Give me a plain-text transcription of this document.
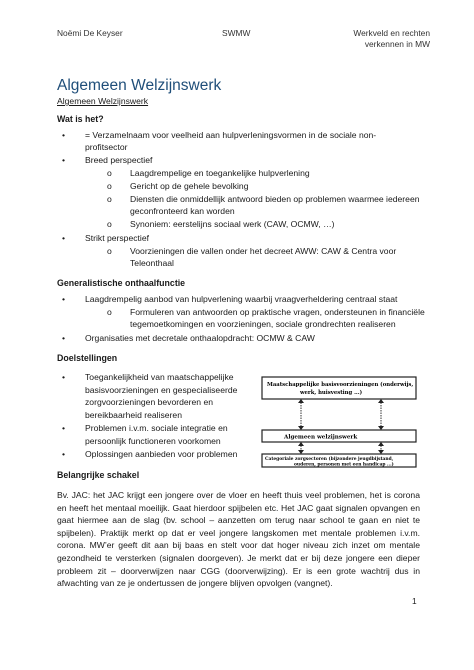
Noëmi De Keyser	SWMW	Werkveld en rechten
verkennen in MW
Algemeen Welzijnswerk
Algemeen Welzijnswerk
Wat is het?
• = Verzamelnaam voor veelheid aan hulpverleningsvormen in de sociale non-
profitsector
• Breed perspectief
o Laagdrempelige en toegankelijke hulpverlening
o Gericht op de gehele bevolking
o Diensten die onmiddellijk antwoord bieden op problemen waarmee iedereen
geconfronteerd kan worden
o Synoniem: eerstelijns sociaal werk (CAW, OCMW, …)
• Strikt perspectief
o Voorzieningen die vallen onder het decreet AWW: CAW & Centra voor
Teleonthaal
Generalistische onthaalfunctie
• Laagdrempelig aanbod van hulpverlening waarbij vraagverheldering centraal staat
o Formuleren van antwoorden op praktische vragen, ondersteunen in financiële
tegemoetkomingen en voorzieningen, sociale grondrechten realiseren
• Organisaties met decretale onthaalopdracht: OCMW & CAW
Doelstellingen
• Toegankelijkheid van maatschappelijke
basisvoorzieningen en gespecialiseerde
zorgvoorzieningen bevorderen en
bereikbaarheid realiseren
• Problemen i.v.m. sociale integratie en
persoonlijk functioneren voorkomen
• Oplossingen aanbieden voor problemen
Maatschappelijke basisvoorzieningen (onderwijs,
werk, huisvesting ...)
Algemeen welzijnswerk
Categoriale zorgsectoren (bijzondere jeugdbijstand,
ouderen, personen met een handicap ...)
Belangrijke schakel
Bv. JAC: het JAC krijgt een jongere over de vloer en heeft thuis veel problemen, het is corona en heeft het mentaal moeilijk. Gaat hierdoor spijbelen etc. Het JAC gaat signalen opvangen en gaat hiermee aan de slag (bv. school – aanzetten om terug naar school te gaan en niet te spijbelen). Praktijk merkt op dat er veel jongere langskomen met mentale problemen i.v.m. corona. MW’er geeft dit aan bij baas en stelt voor dat hoger niveau zich inzet om mentale gezondheid te versterken (signalen doorgeven). Je merkt dat er bij deze jongere een dieper probleem zit – doorverwijzen naar CGG (doorverwijzing). Er is een grote wachtrij dus in afwachting van ze je ondertussen de jongere blijven opvolgen (vangnet).
1
